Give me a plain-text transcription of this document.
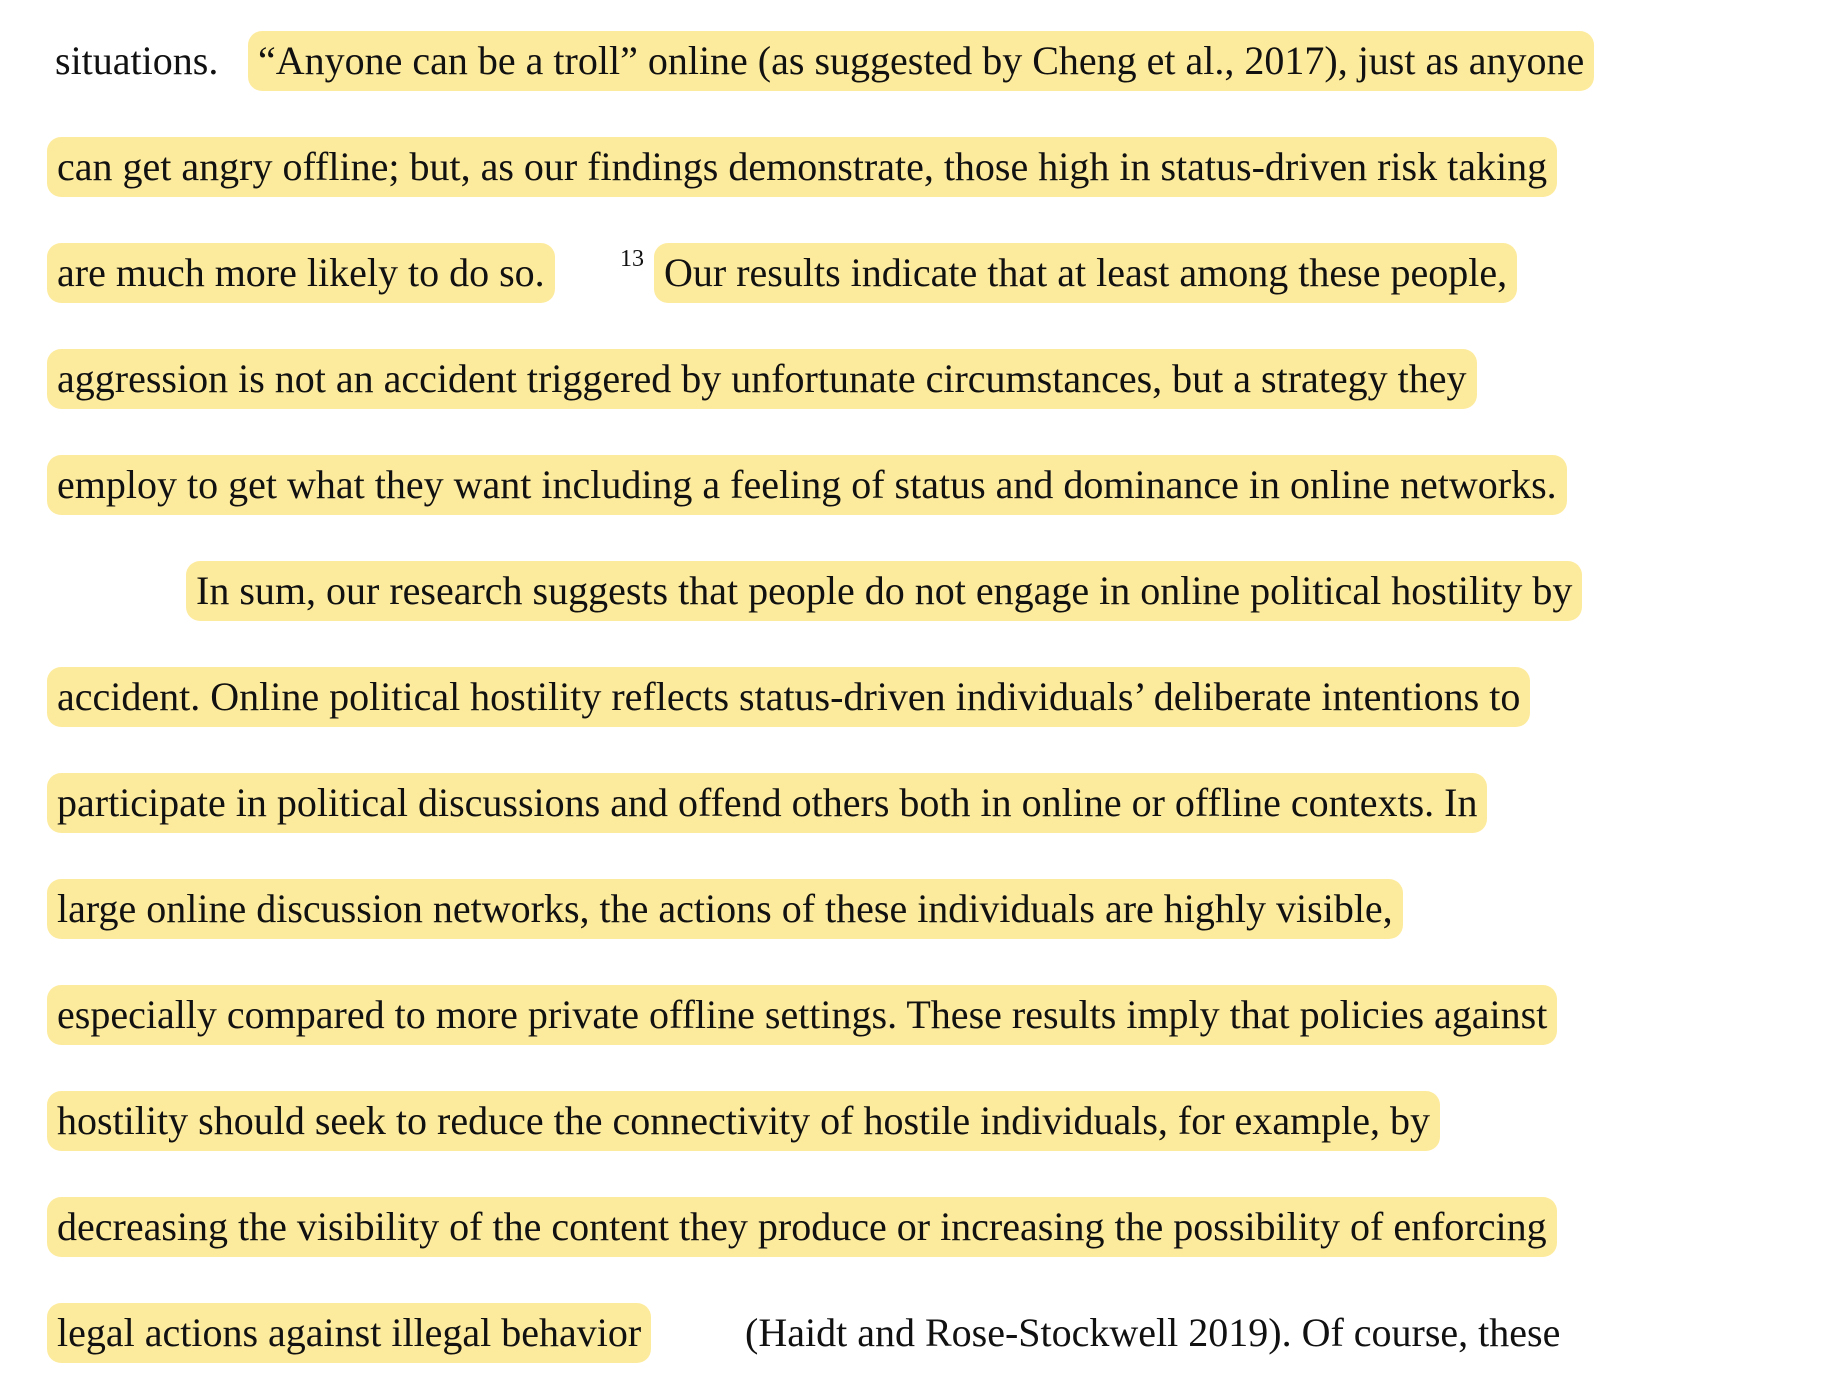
situations. “Anyone can be a troll” online (as suggested by Cheng et al., 2017), just as anyone
can get angry offline; but, as our findings demonstrate, those high in status-driven risk taking
are much more likely to do so.	$^{13}$ Our results indicate that at least among these people,
aggression is not an accident triggered by unfortunate circumstances, but a strategy they
employ to get what they want including a feeling of status and dominance in online networks.
In sum, our research suggests that people do not engage in online political hostility by
accident. Online political hostility reflects status-driven individuals’ deliberate intentions to
participate in political discussions and offend others both in online or offline contexts. In
large online discussion networks, the actions of these individuals are highly visible,
especially compared to more private offline settings. These results imply that policies against
hostility should seek to reduce the connectivity of hostile individuals, for example, by
decreasing the visibility of the content they produce or increasing the possibility of enforcing
legal actions against illegal behavior	(Haidt and Rose-Stockwell 2019). Of course, these
